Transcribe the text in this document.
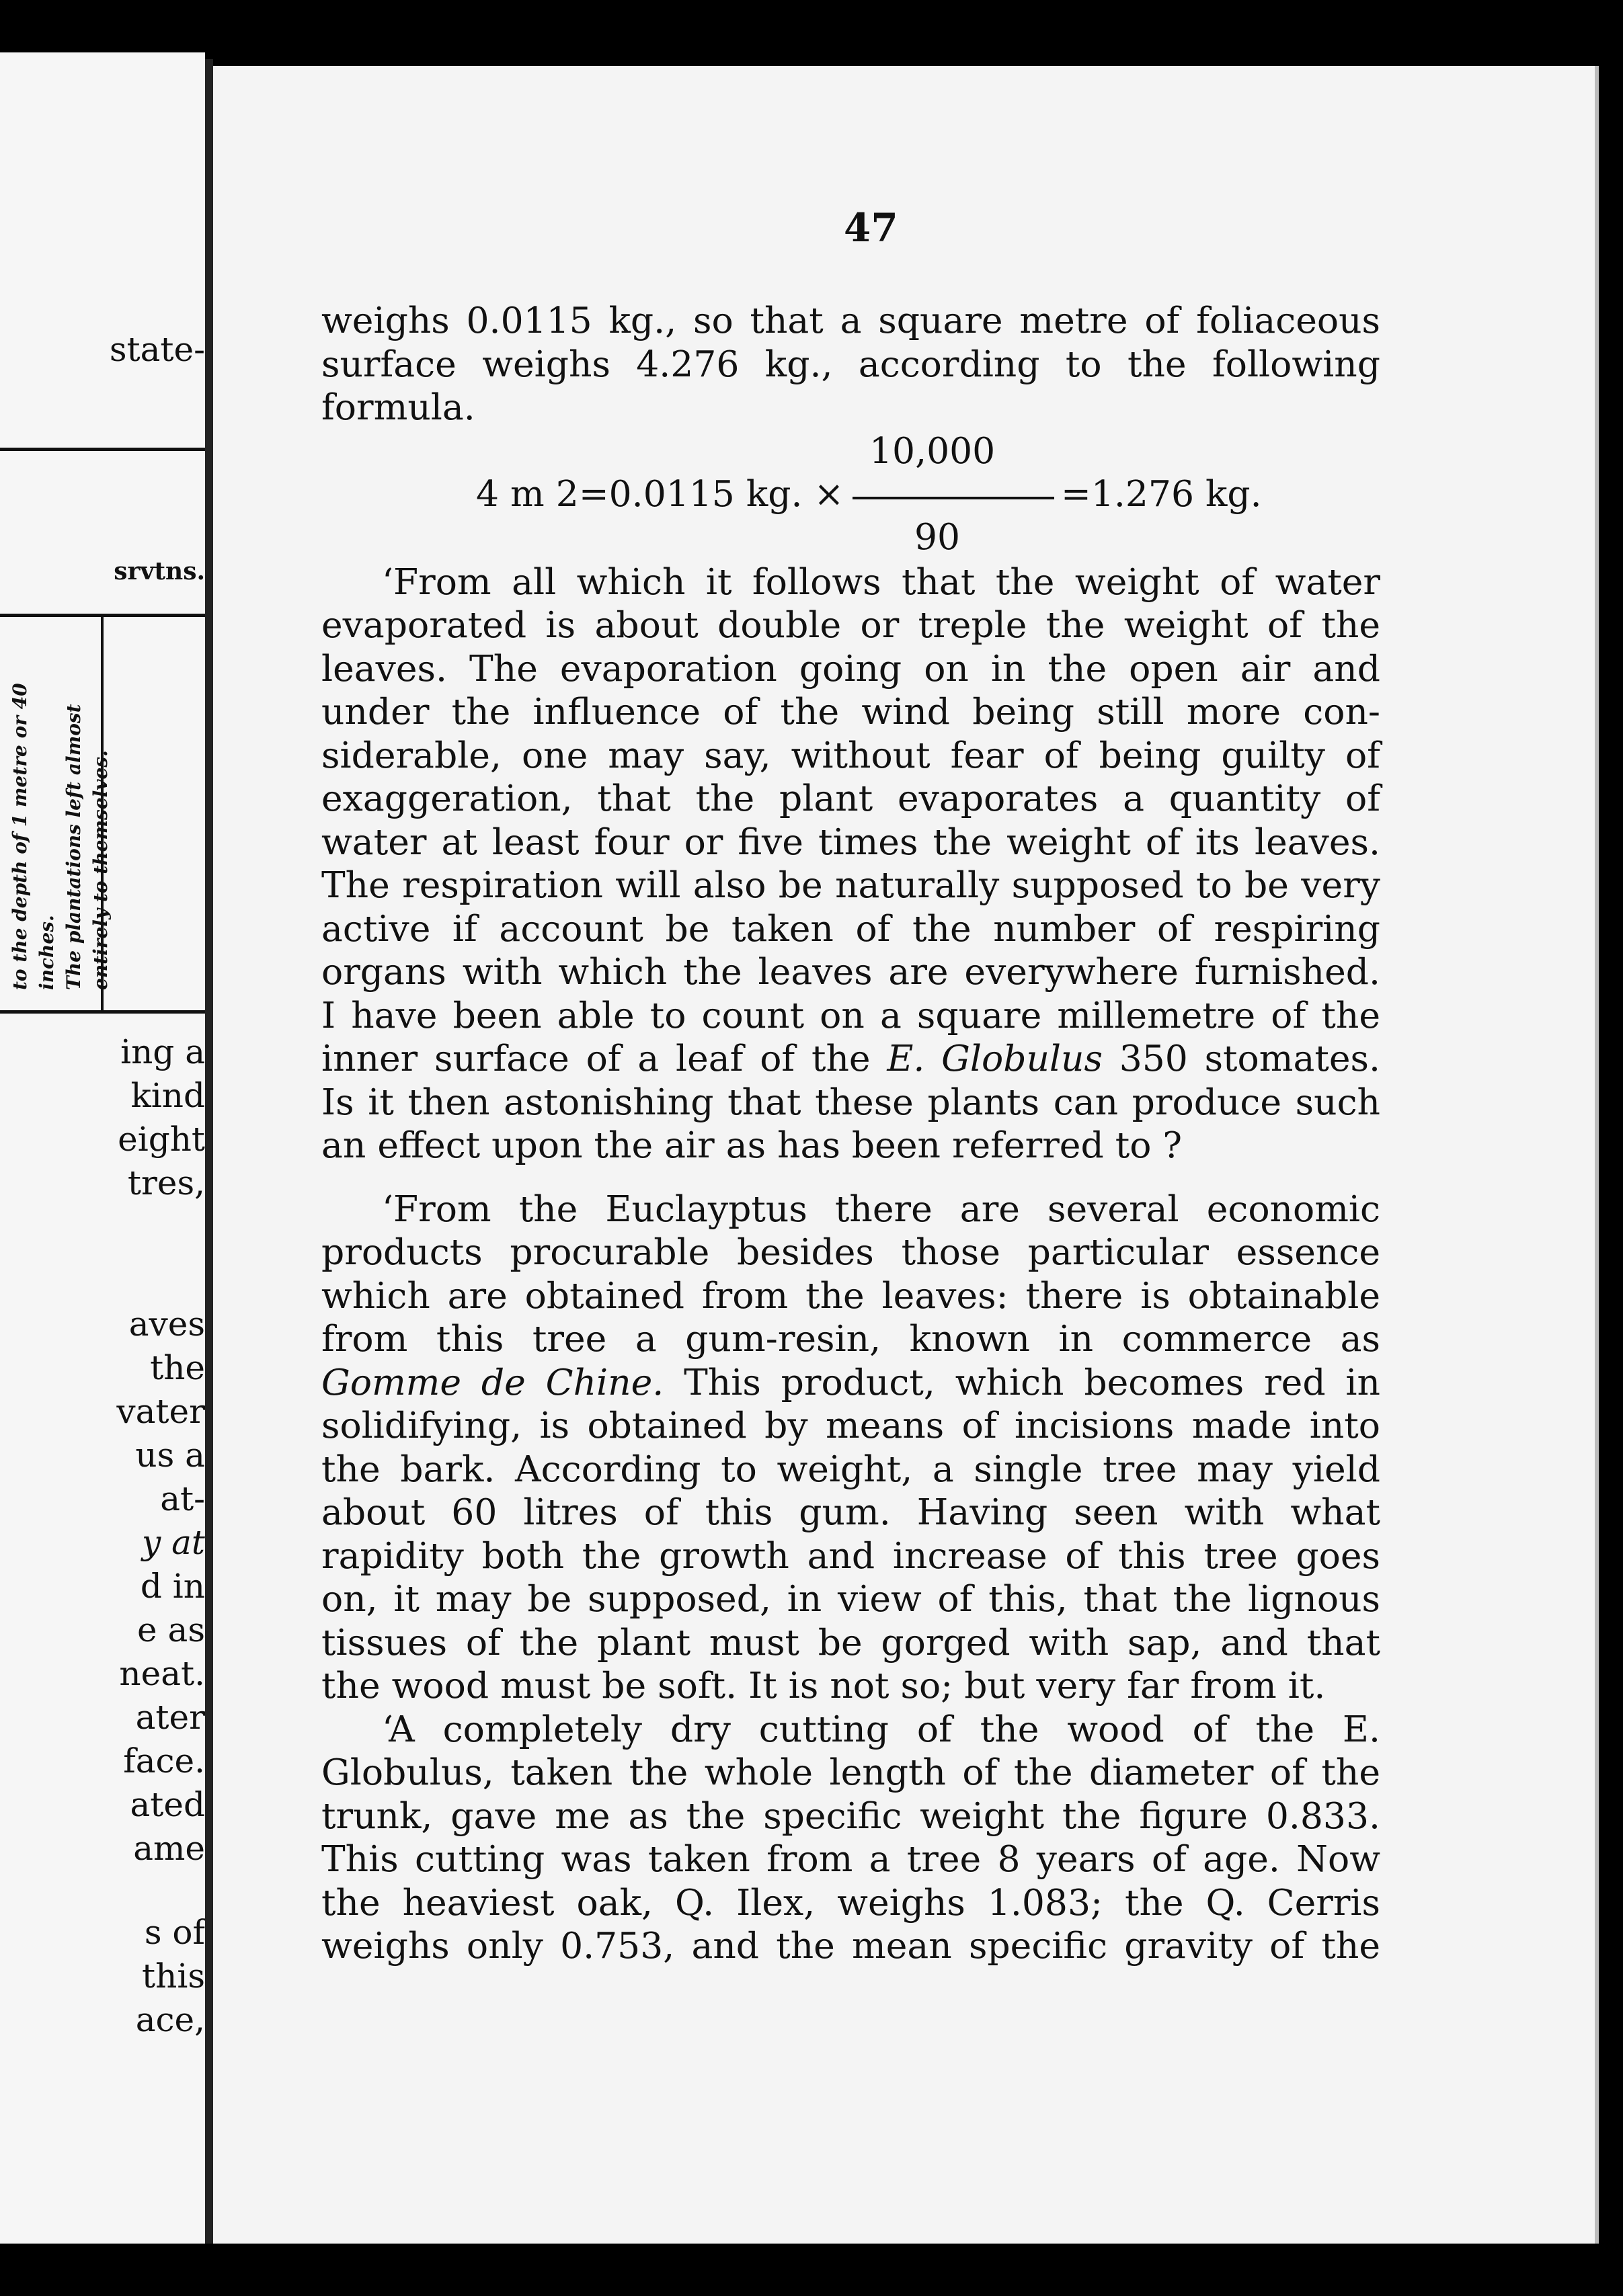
state-
srvtns.
to the depth of 1 metre or 40 inches. The plantations left almost entirely to themselves.
ing a
kind
eight
tres,
aves
the
vater
us a
at-
y at
d in
e as
neat.
ater
face.
ated
ame
s of
this
ace,
47
weighs 0.0115 kg., so that a square metre of foliaceous
surface weighs 4.276 kg., according to the following
formula.
10,000
4 m 2=0.0115 kg. ×	=1.276 kg.
90
‘From all which it follows that the weight of water
evaporated is about double or treple the weight of the
leaves. The evaporation going on in the open air and
under the influence of the wind being still more con-
siderable, one may say, without fear of being guilty of
exaggeration, that the plant evaporates a quantity of
water at least four or five times the weight of its leaves.
The respiration will also be naturally supposed to be very
active if account be taken of the number of respiring
organs with which the leaves are everywhere furnished.
I have been able to count on a square millemetre of the
inner surface of a leaf of the E. Globulus 350 stomates.
Is it then astonishing that these plants can produce such
an effect upon the air as has been referred to ?
‘From the Euclayptus there are several economic
products procurable besides those particular essence
which are obtained from the leaves: there is obtainable
from this tree a gum-resin, known in commerce as
Gomme de Chine. This product, which becomes red in
solidifying, is obtained by means of incisions made into
the bark. According to weight, a single tree may yield
about 60 litres of this gum. Having seen with what
rapidity both the growth and increase of this tree goes
on, it may be supposed, in view of this, that the lignous
tissues of the plant must be gorged with sap, and that
the wood must be soft. It is not so; but very far from it.
‘A completely dry cutting of the wood of the E.
Globulus, taken the whole length of the diameter of the
trunk, gave me as the specific weight the figure 0.833.
This cutting was taken from a tree 8 years of age. Now
the heaviest oak, Q. Ilex, weighs 1.083; the Q. Cerris
weighs only 0.753, and the mean specific gravity of the
